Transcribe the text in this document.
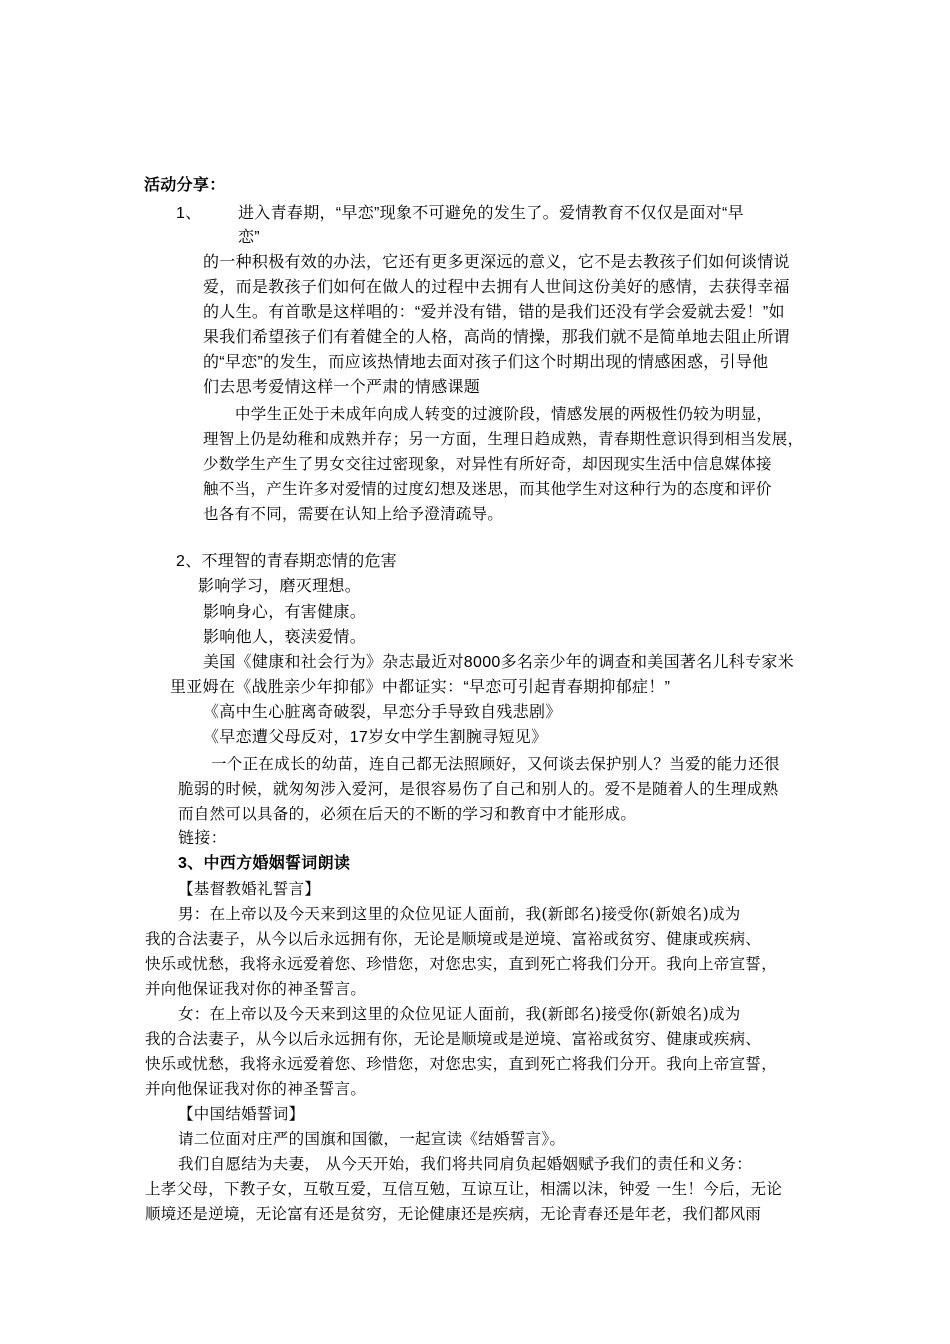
活动分享：
1、 进入青春期，“早恋”现象不可避免的发生了。爱情教育不仅仅是面对“早
恋”
的一种积极有效的办法，它还有更多更深远的意义，它不是去教孩子们如何谈情说
爱，而是教孩子们如何在做人的过程中去拥有人世间这份美好的感情，去获得幸福
的人生。有首歌是这样唱的：“爱并没有错，错的是我们还没有学会爱就去爱！”如
果我们希望孩子们有着健全的人格，高尚的情操，那我们就不是简单地去阻止所谓
的“早恋”的发生，而应该热情地去面对孩子们这个时期出现的情感困惑，引导他
们去思考爱情这样一个严肃的情感课题
中学生正处于未成年向成人转变的过渡阶段，情感发展的两极性仍较为明显，
理智上仍是幼稚和成熟并存；另一方面，生理日趋成熟，青春期性意识得到相当发展，
少数学生产生了男女交往过密现象，对异性有所好奇，却因现实生活中信息媒体接
触不当，产生许多对爱情的过度幻想及迷思，而其他学生对这种行为的态度和评价
也各有不同，需要在认知上给予澄清疏导。
2、不理智的青春期恋情的危害
影响学习，磨灭理想。
影响身心，有害健康。
影响他人，亵渎爱情。
美国《健康和社会行为》杂志最近对8000多名亲少年的调查和美国著名儿科专家米
里亚姆在《战胜亲少年抑郁》中都证实：“早恋可引起青春期抑郁症！”
《高中生心脏离奇破裂，早恋分手导致自残悲剧》
《早恋遭父母反对，17岁女中学生割腕寻短见》
一个正在成长的幼苗，连自己都无法照顾好，又何谈去保护别人？当爱的能力还很
脆弱的时候，就匆匆涉入爱河，是很容易伤了自己和别人的。爱不是随着人的生理成熟
而自然可以具备的，必须在后天的不断的学习和教育中才能形成。
链接：
3、中西方婚姻誓词朗读
【基督教婚礼誓言】
男：在上帝以及今天来到这里的众位见证人面前，我(新郎名)接受你(新娘名)成为
我的合法妻子，从今以后永远拥有你，无论是顺境或是逆境、富裕或贫穷、健康或疾病、
快乐或忧愁，我将永远爱着您、珍惜您，对您忠实，直到死亡将我们分开。我向上帝宣誓，
并向他保证我对你的神圣誓言。
女：在上帝以及今天来到这里的众位见证人面前，我(新郎名)接受你(新娘名)成为
我的合法妻子，从今以后永远拥有你，无论是顺境或是逆境、富裕或贫穷、健康或疾病、
快乐或忧愁，我将永远爱着您、珍惜您，对您忠实，直到死亡将我们分开。我向上帝宣誓，
并向他保证我对你的神圣誓言。
【中国结婚誓词】
请二位面对庄严的国旗和国徽，一起宣读《结婚誓言》。
我们自愿结为夫妻， 从今天开始，我们将共同肩负起婚姻赋予我们的责任和义务：
上孝父母，下教子女，互敬互爱，互信互勉，互谅互让，相濡以沫，钟爱 一生！今后，无论
顺境还是逆境，无论富有还是贫穷，无论健康还是疾病，无论青春还是年老，我们都风雨
